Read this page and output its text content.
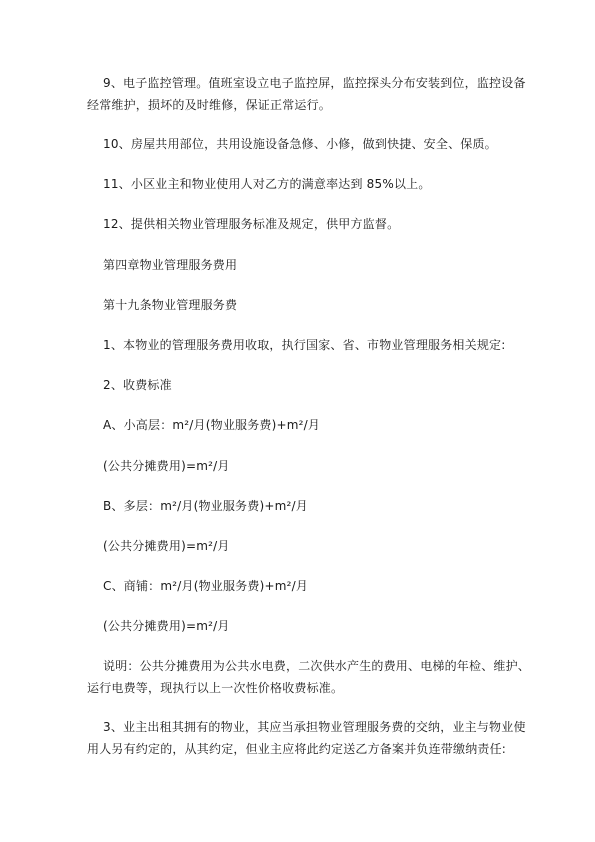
9、电子监控管理。值班室设立电子监控屏，监控探头分布安装到位，监控设备
经常维护，损坏的及时维修，保证正常运行。

10、房屋共用部位，共用设施设备急修、小修，做到快捷、安全、保质。

11、小区业主和物业使用人对乙方的满意率达到 85%以上。

12、提供相关物业管理服务标准及规定，供甲方监督。

第四章物业管理服务费用

第十九条物业管理服务费

1、本物业的管理服务费用收取，执行国家、省、市物业管理服务相关规定:

2、收费标准

A、小高层：m²/月(物业服务费)+m²/月

(公共分摊费用)=m²/月

B、多层：m²/月(物业服务费)+m²/月

(公共分摊费用)=m²/月

C、商铺：m²/月(物业服务费)+m²/月

(公共分摊费用)=m²/月

说明：公共分摊费用为公共水电费，二次供水产生的费用、电梯的年检、维护、
运行电费等，现执行以上一次性价格收费标准。

3、业主出租其拥有的物业，其应当承担物业管理服务费的交纳，业主与物业使
用人另有约定的，从其约定，但业主应将此约定送乙方备案并负连带缴纳责任:
